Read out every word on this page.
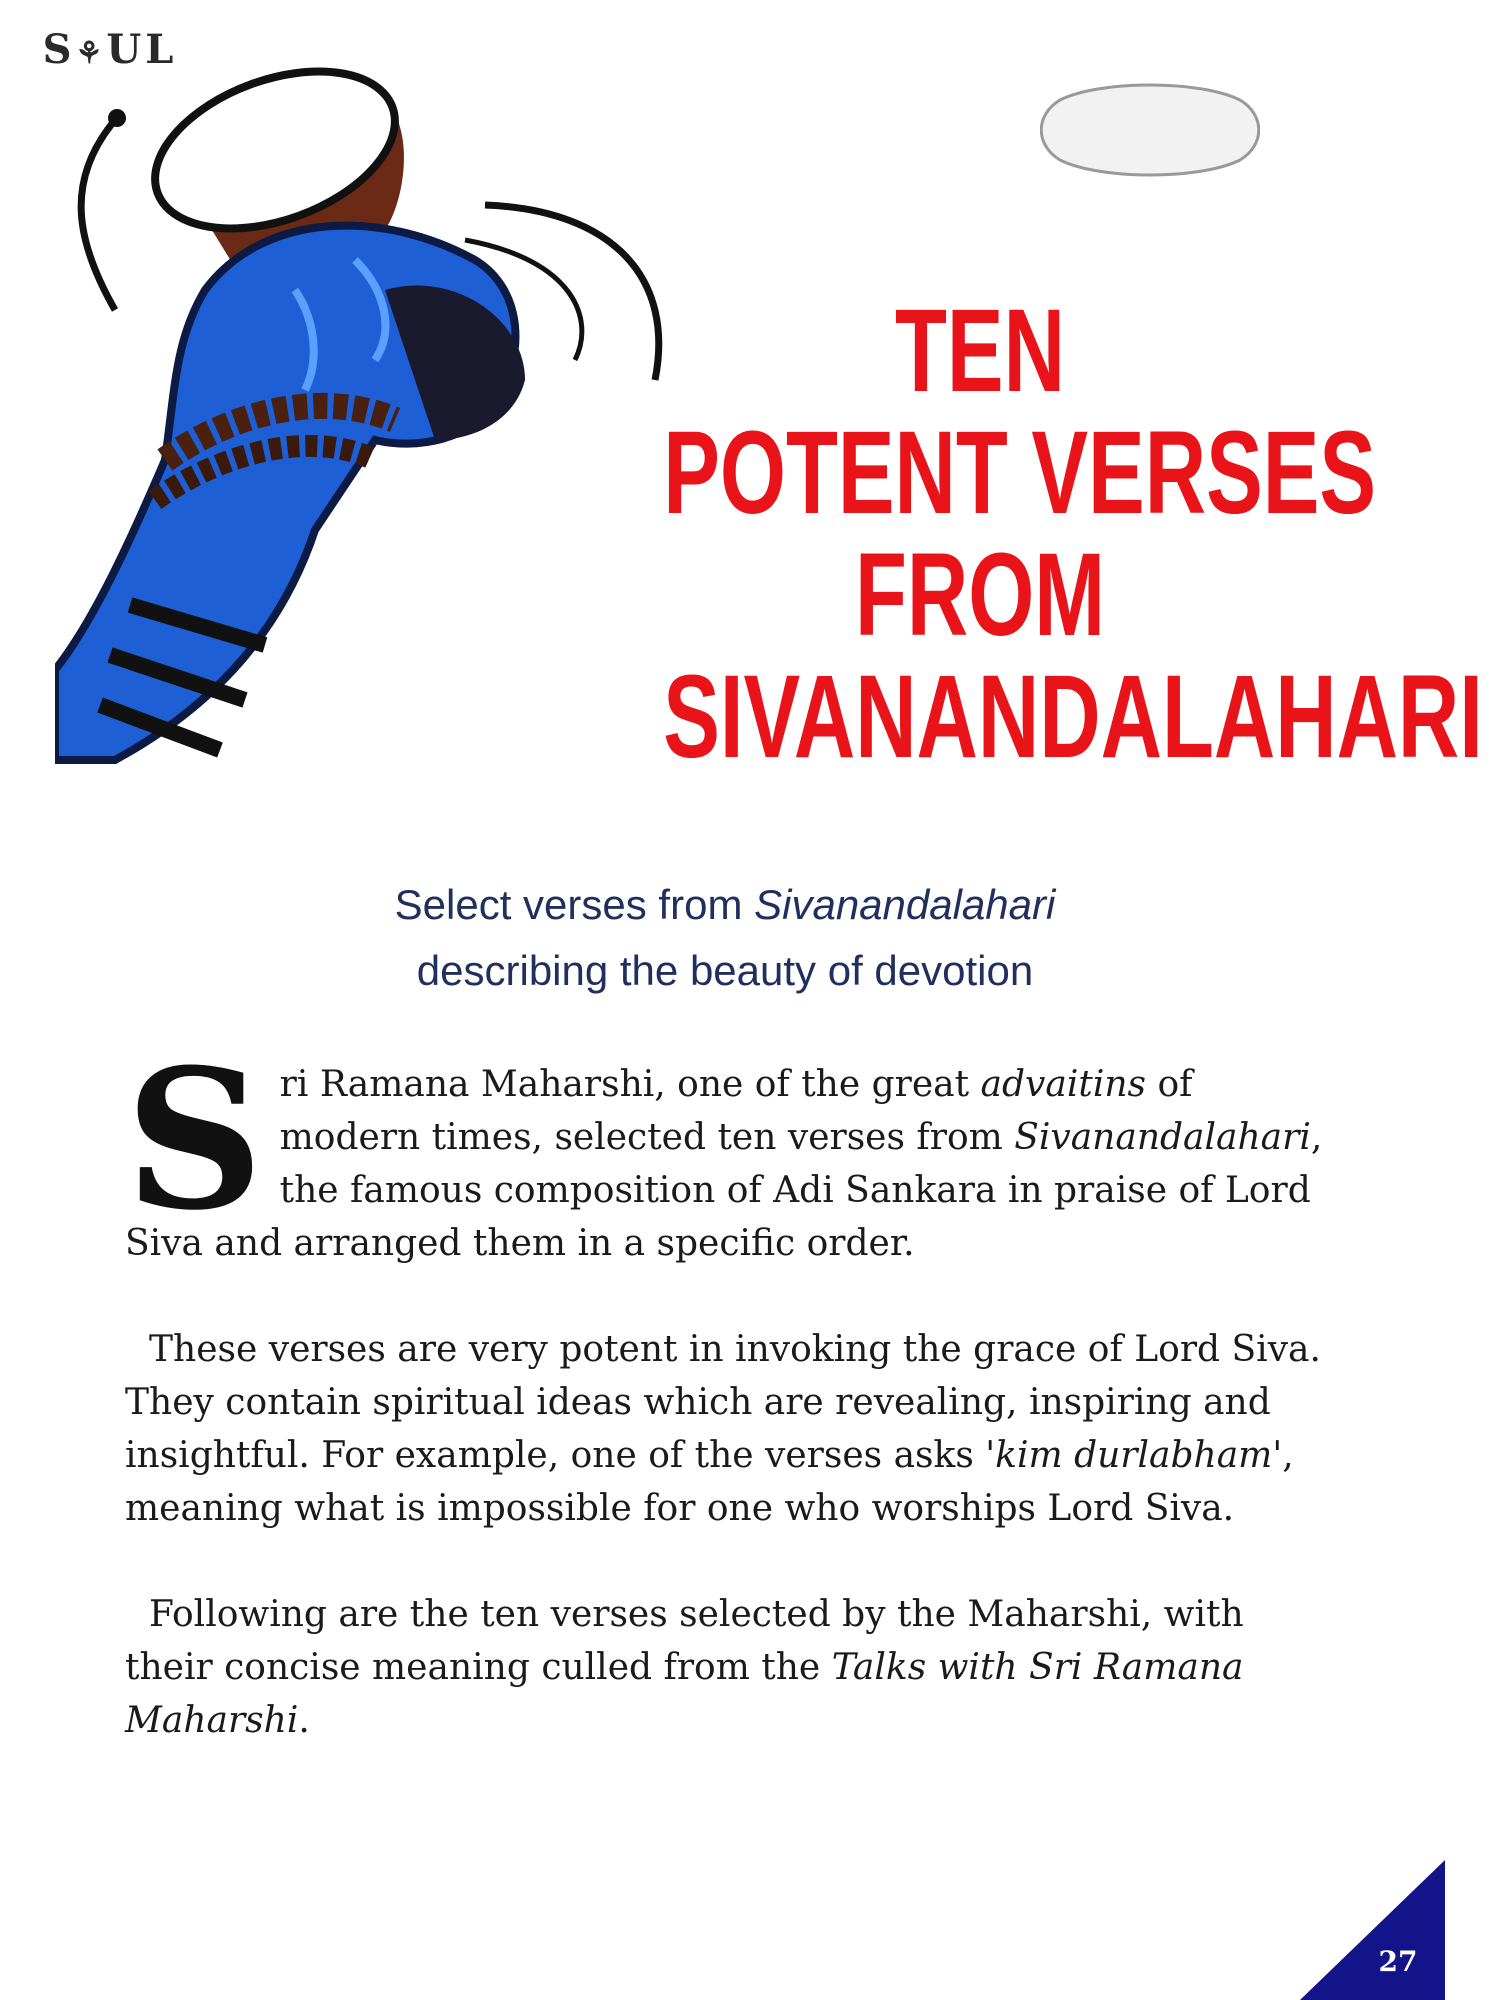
S⚘UL
TEN
POTENT VERSES
FROM
SIVANANDALAHARI
Select verses from Sivanandalahari
describing the beauty of devotion

Sri Ramana Maharshi, one of the great advaitins of modern times, selected ten verses from Sivanandalahari, the famous composition of Adi Sankara in praise of Lord Siva and arranged them in a specific order.

These verses are very potent in invoking the grace of Lord Siva. They contain spiritual ideas which are revealing, inspiring and insightful. For example, one of the verses asks 'kim durlabham', meaning what is impossible for one who worships Lord Siva.

Following are the ten verses selected by the Maharshi, with their concise meaning culled from the Talks with Sri Ramana Maharshi.

27
